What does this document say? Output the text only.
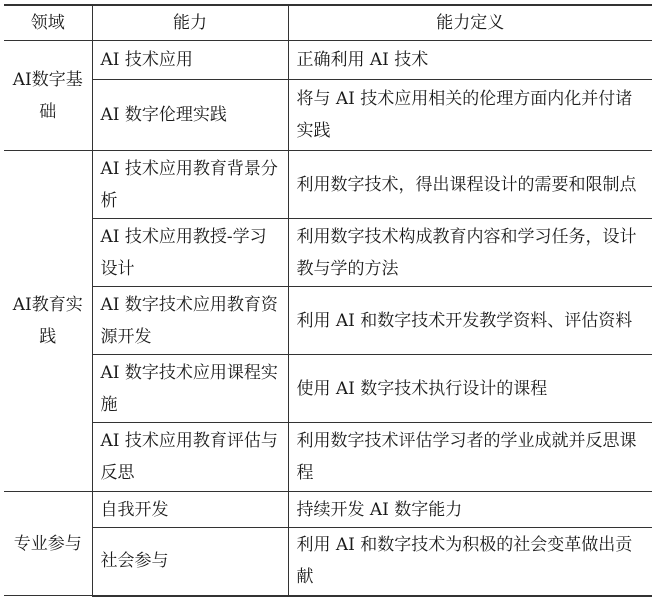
领域	能力	能力定义
AI数字基础	AI 技术应用	正确利用 AI 技术
	AI 数字伦理实践	将与 AI 技术应用相关的伦理方面内化并付诸实践
AI教育实践	AI 技术应用教育背景分析	利用数字技术，得出课程设计的需要和限制点
	AI 技术应用教授-学习设计	利用数字技术构成教育内容和学习任务，设计教与学的方法
	AI 数字技术应用教育资源开发	利用 AI 和数字技术开发教学资料、评估资料
	AI 数字技术应用课程实施	使用 AI 数字技术执行设计的课程
	AI 技术应用教育评估与反思	利用数字技术评估学习者的学业成就并反思课程
专业参与	自我开发	持续开发 AI 数字能力
	社会参与	利用 AI 和数字技术为积极的社会变革做出贡献
